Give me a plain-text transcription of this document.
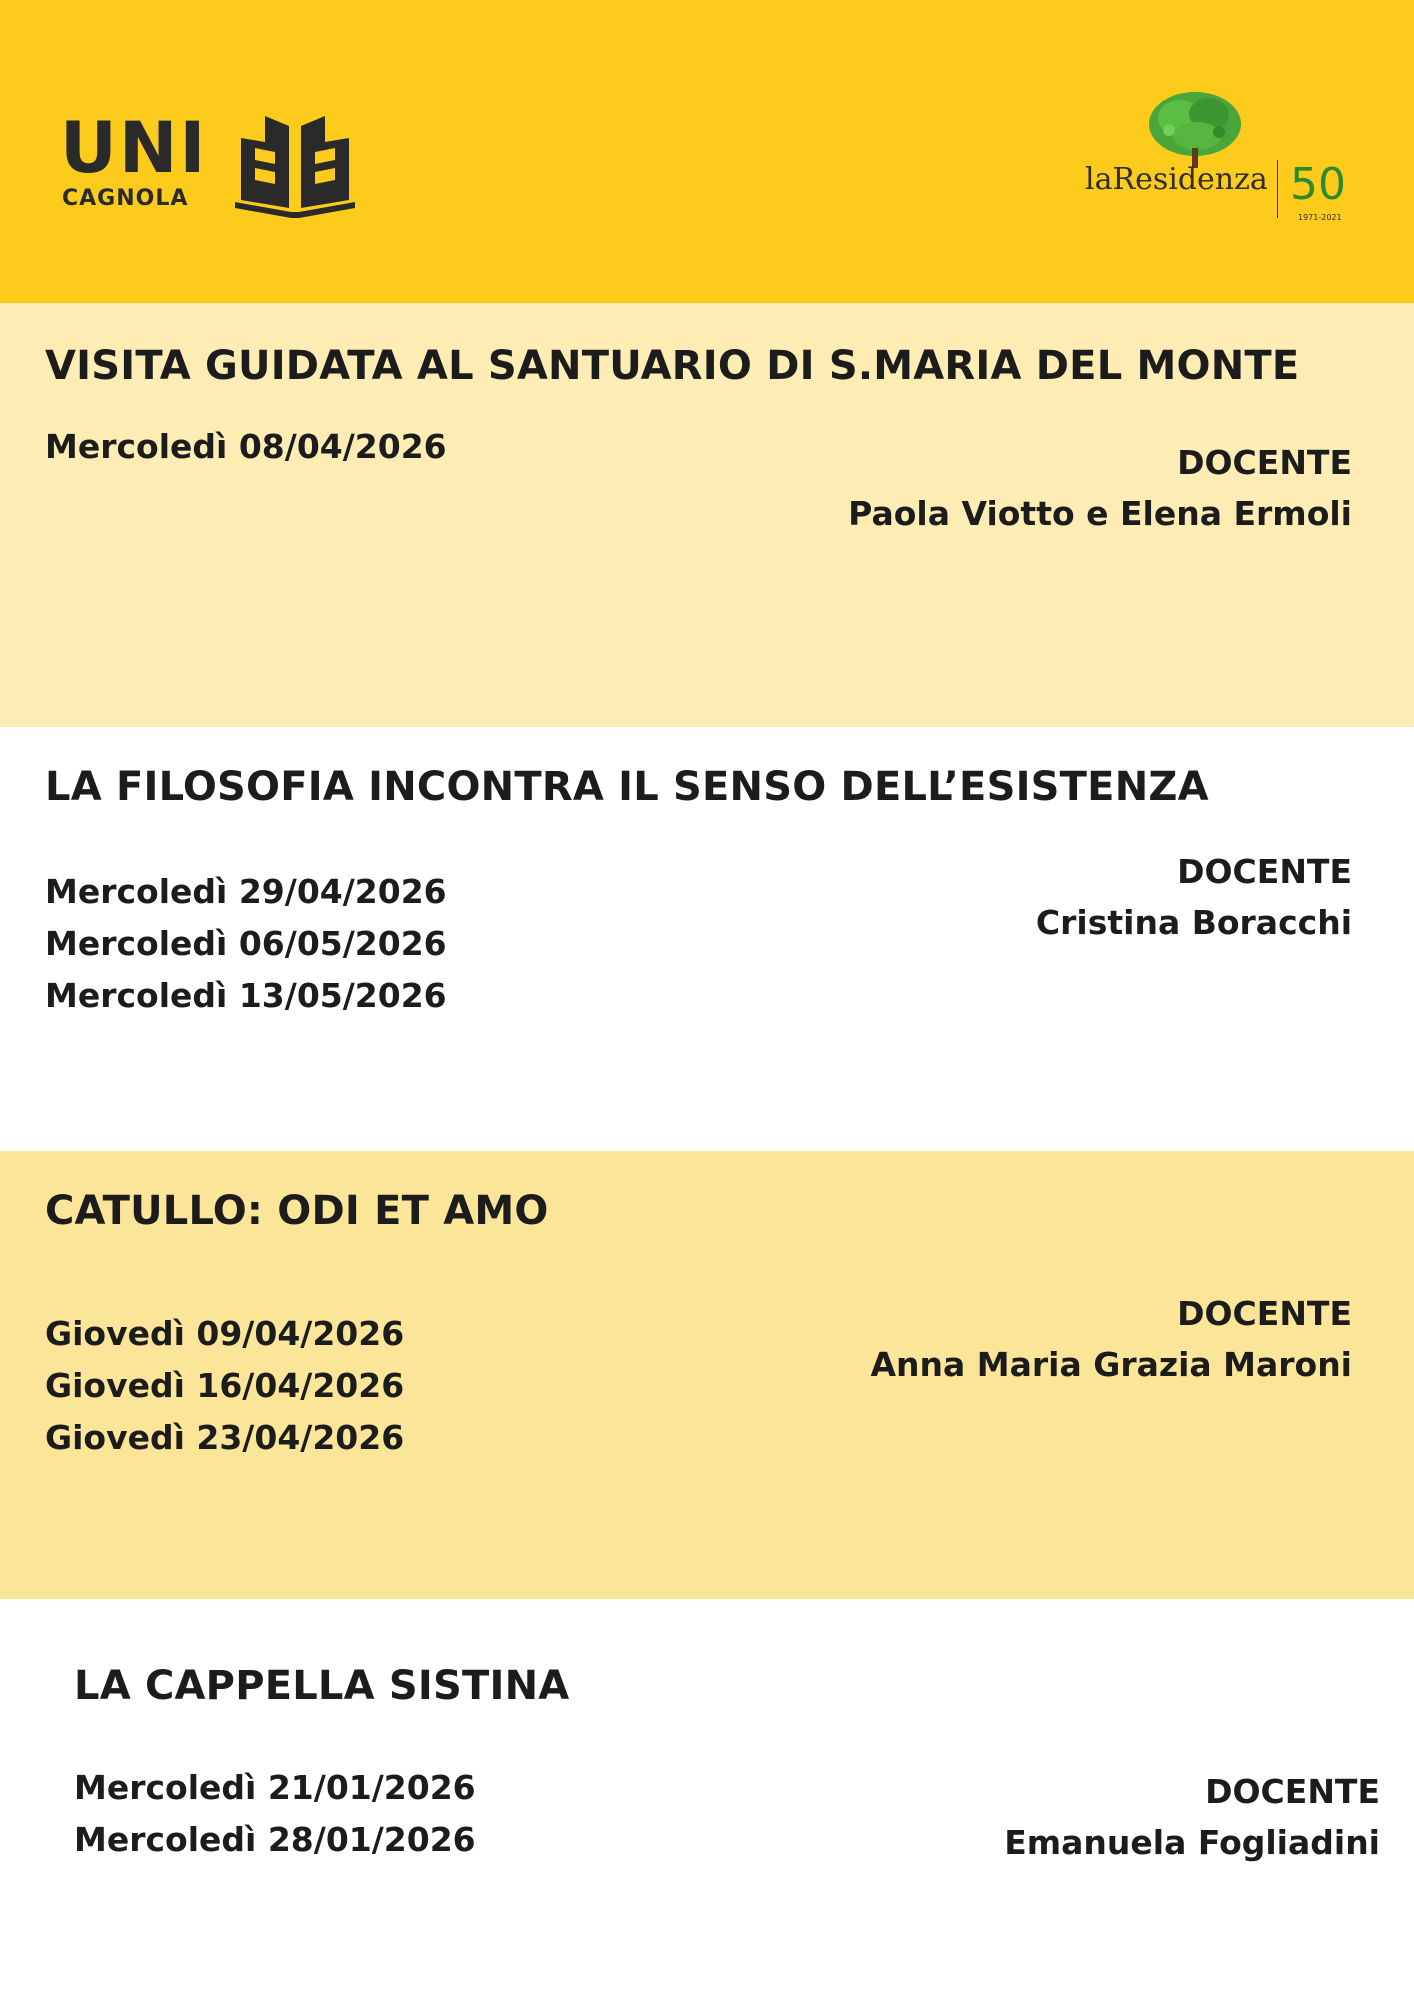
UNI
CAGNOLA
laResidenza 50
1971-2021
VISITA GUIDATA AL SANTUARIO DI S.MARIA DEL MONTE
Mercoledì 08/04/2026	DOCENTE
Paola Viotto e Elena Ermoli
LA FILOSOFIA INCONTRA IL SENSO DELL’ESISTENZA
Mercoledì 29/04/2026
Mercoledì 06/05/2026
Mercoledì 13/05/2026
DOCENTE
Cristina Boracchi
CATULLO: ODI ET AMO
Giovedì 09/04/2026
Giovedì 16/04/2026
Giovedì 23/04/2026
DOCENTE
Anna Maria Grazia Maroni
LA CAPPELLA SISTINA
Mercoledì 21/01/2026
Mercoledì 28/01/2026
DOCENTE
Emanuela Fogliadini
